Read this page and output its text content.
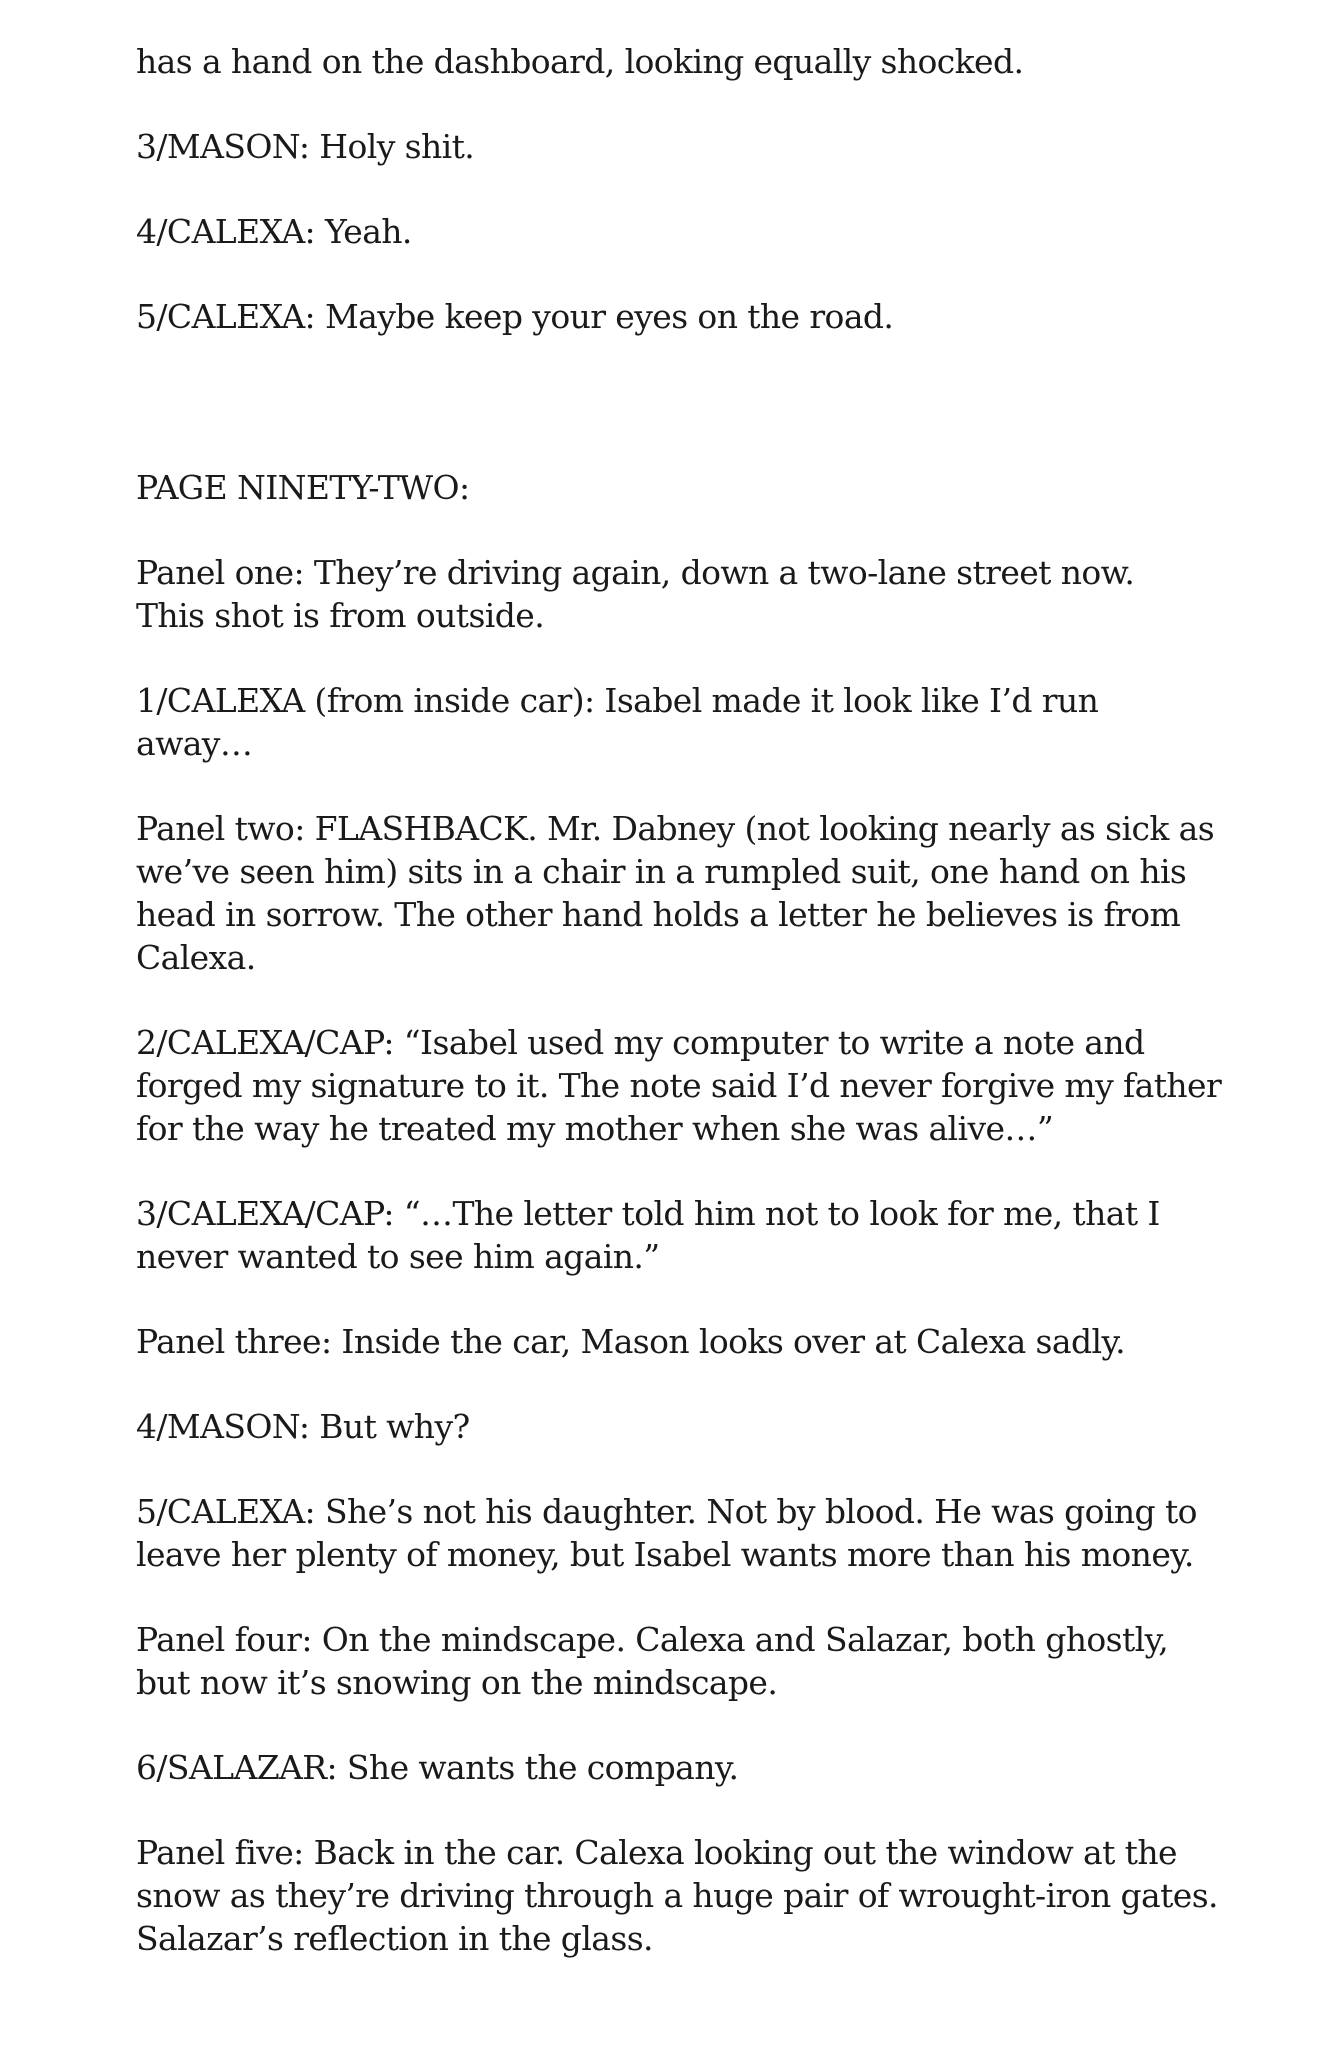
has a hand on the dashboard, looking equally shocked.

3/MASON: Holy shit.

4/CALEXA: Yeah.

5/CALEXA: Maybe keep your eyes on the road.

PAGE NINETY-TWO:

Panel one: They’re driving again, down a two-lane street now.
This shot is from outside.

1/CALEXA (from inside car): Isabel made it look like I’d run
away…

Panel two: FLASHBACK. Mr. Dabney (not looking nearly as sick as
we’ve seen him) sits in a chair in a rumpled suit, one hand on his
head in sorrow. The other hand holds a letter he believes is from
Calexa.

2/CALEXA/CAP: “Isabel used my computer to write a note and
forged my signature to it. The note said I’d never forgive my father
for the way he treated my mother when she was alive…”

3/CALEXA/CAP: “…The letter told him not to look for me, that I
never wanted to see him again.”

Panel three: Inside the car, Mason looks over at Calexa sadly.

4/MASON: But why?

5/CALEXA: She’s not his daughter. Not by blood. He was going to
leave her plenty of money, but Isabel wants more than his money.

Panel four: On the mindscape. Calexa and Salazar, both ghostly,
but now it’s snowing on the mindscape.

6/SALAZAR: She wants the company.

Panel five: Back in the car. Calexa looking out the window at the
snow as they’re driving through a huge pair of wrought-iron gates.
Salazar’s reflection in the glass.
